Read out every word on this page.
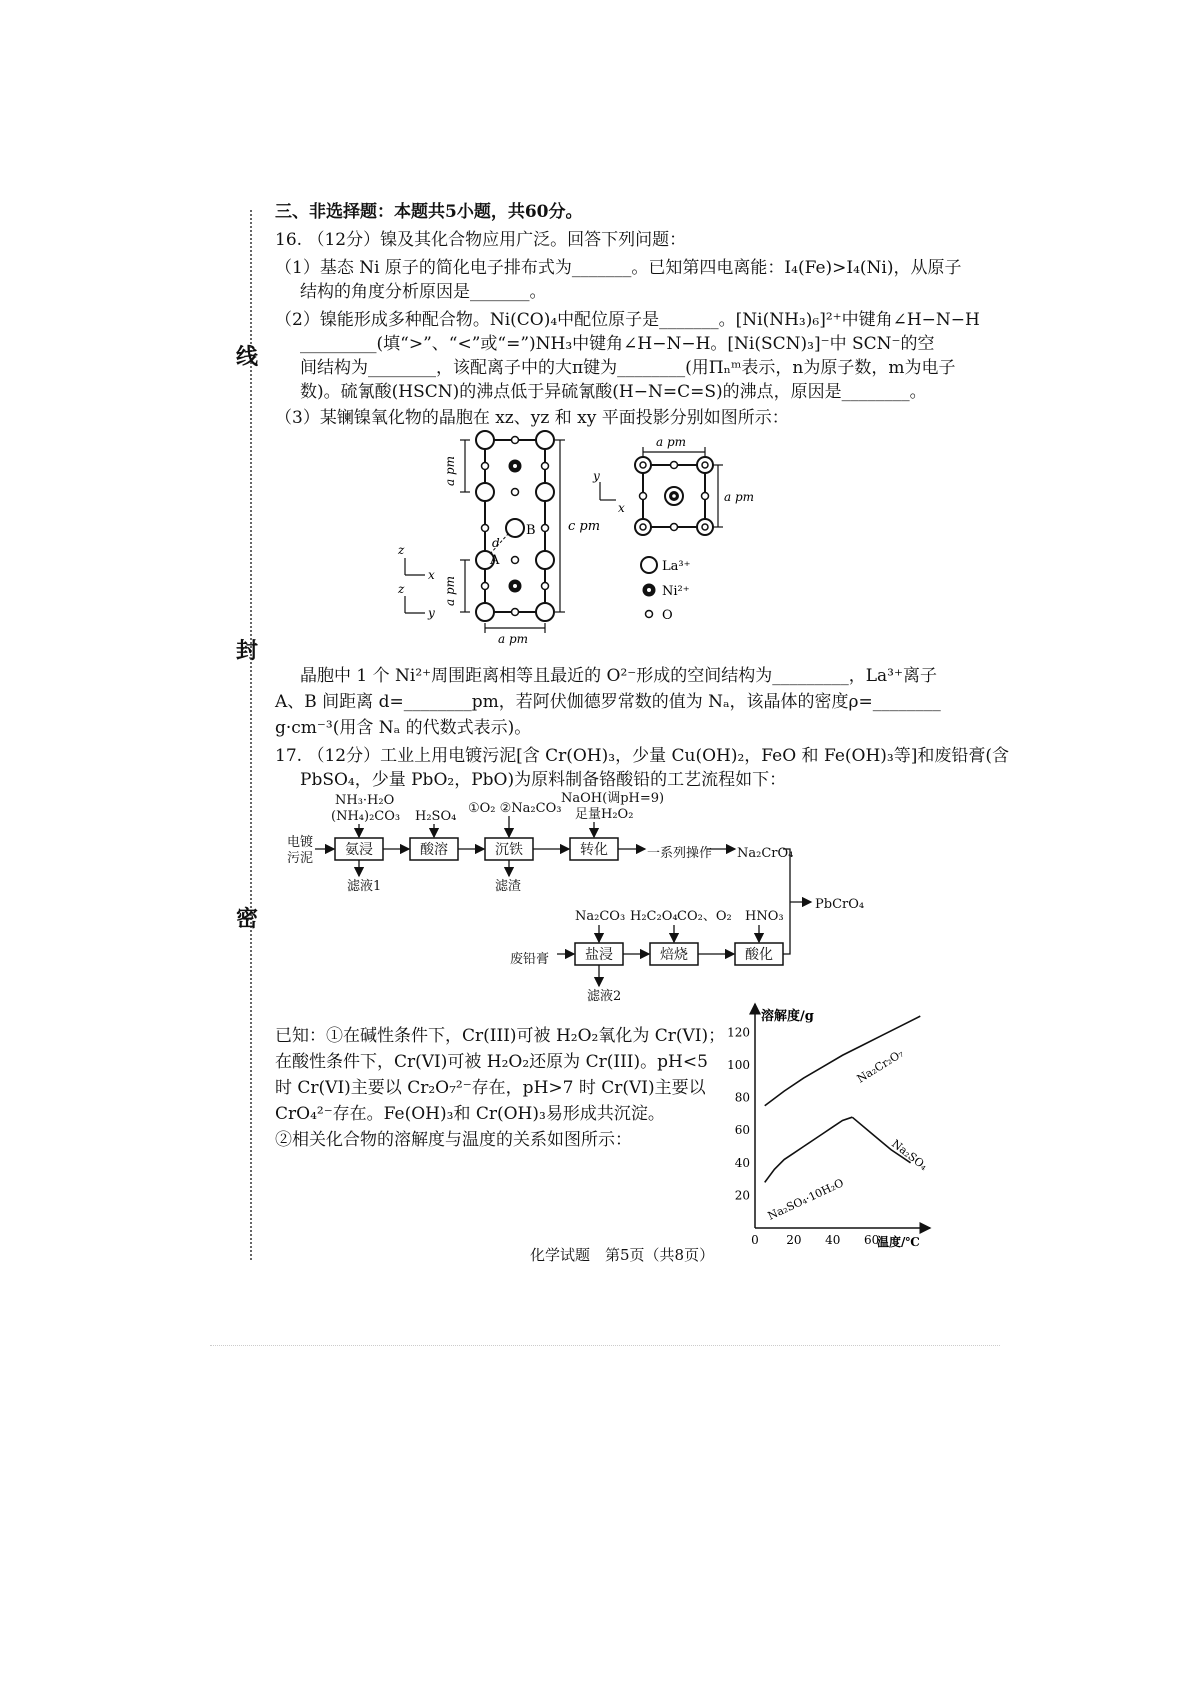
线
封
密
三、非选择题：本题共5小题，共60分。
16. （12分）镍及其化合物应用广泛。回答下列问题：
（1）基态 Ni 原子的简化电子排布式为_______。已知第四电离能：I₄(Fe)>I₄(Ni)，从原子
结构的角度分析原因是_______。
（2）镍能形成多种配合物。Ni(CO)₄中配位原子是_______。[Ni(NH₃)₆]²⁺中键角∠H−N−H
_________(填“>”、“<”或“=”)NH₃中键角∠H−N−H。[Ni(SCN)₃]⁻中 SCN⁻的空
间结构为________，该配离子中的大π键为________(用Πₙᵐ表示，n为原子数，m为电子
数)。硫氰酸(HSCN)的沸点低于异硫氰酸(H−N=C=S)的沸点，原因是________。
（3）某镧镍氧化物的晶胞在 xz、yz 和 xy 平面投影分别如图所示：
d
A
B
a pm
a pm
c pm
a pm
z
x
z
y
a pm
a pm
y
x
La³⁺
Ni²⁺
O
晶胞中 1 个 Ni²⁺周围距离相等且最近的 O²⁻形成的空间结构为_________，La³⁺离子
A、B 间距离 d=________pm，若阿伏伽德罗常数的值为 Nₐ，该晶体的密度ρ=________
g·cm⁻³(用含 Nₐ 的代数式表示)。
17. （12分）工业上用电镀污泥[含 Cr(OH)₃，少量 Cu(OH)₂，FeO 和 Fe(OH)₃等]和废铅膏(含
PbSO₄，少量 PbO₂，PbO)为原料制备铬酸铅的工艺流程如下：
电镀
污泥
NH₃·H₂O
(NH₄)₂CO₃ H₂SO₄
①O₂ ②Na₂CO₃
NaOH(调pH=9)
足量H₂O₂
一系列操作 Na₂CrO₄
PbCrO₄
滤液1	滤渣
Na₂CO₃ H₂C₂O₄ CO₂、O₂ HNO₃
废铅膏
滤液2
氨浸	酸溶	沉铁	转化
盐浸	焙烧	酸化
已知：①在碱性条件下，Cr(III)可被 H₂O₂氧化为 Cr(VI)；
在酸性条件下，Cr(VI)可被 H₂O₂还原为 Cr(III)。pH<5
时 Cr(VI)主要以 Cr₂O₇²⁻存在，pH>7 时 Cr(VI)主要以
CrO₄²⁻存在。Fe(OH)₃和 Cr(OH)₃易形成共沉淀。
②相关化合物的溶解度与温度的关系如图所示：
溶解度/g
温度/℃
20
40
60
80
100
120
0 20 40 60
Na₂Cr₂O₇
Na₂SO₄·10H₂O
Na₂SO₄
化学试题　第5页（共8页）
